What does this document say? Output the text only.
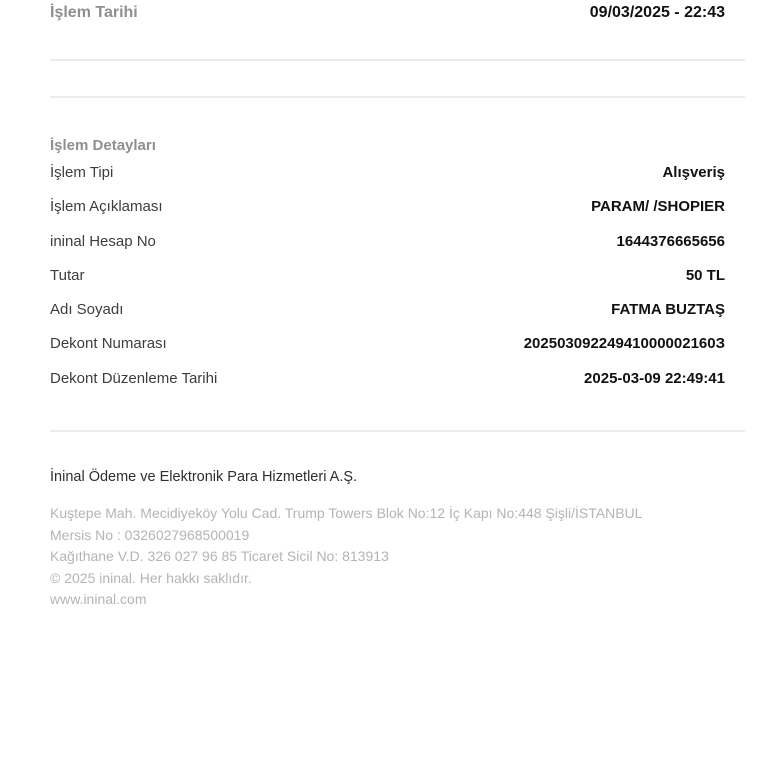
İşlem Tarihi	09/03/2025 - 22:43
İşlem Detayları
İşlem Tipi	Alışveriş
İşlem Açıklaması	PARAM/ /SHOPIER
ininal Hesap No	1644376665656
Tutar	50 TL
Adı Soyadı	FATMA BUZTAŞ
Dekont Numarası	20250309224941000002160З
Dekont Düzenleme Tarihi	2025-03-09 22:49:41
İninal Ödeme ve Elektronik Para Hizmetleri A.Ş.
Kuştepe Mah. Mecidiyeköy Yolu Cad. Trump Towers Blok No:12 İç Kapı No:448 Şişli/İSTANBUL
Mersis No : 0326027968500019
Kağıthane V.D. 326 027 96 85 Ticaret Sicil No: 813913
© 2025 ininal. Her hakkı saklıdır.
www.ininal.com
